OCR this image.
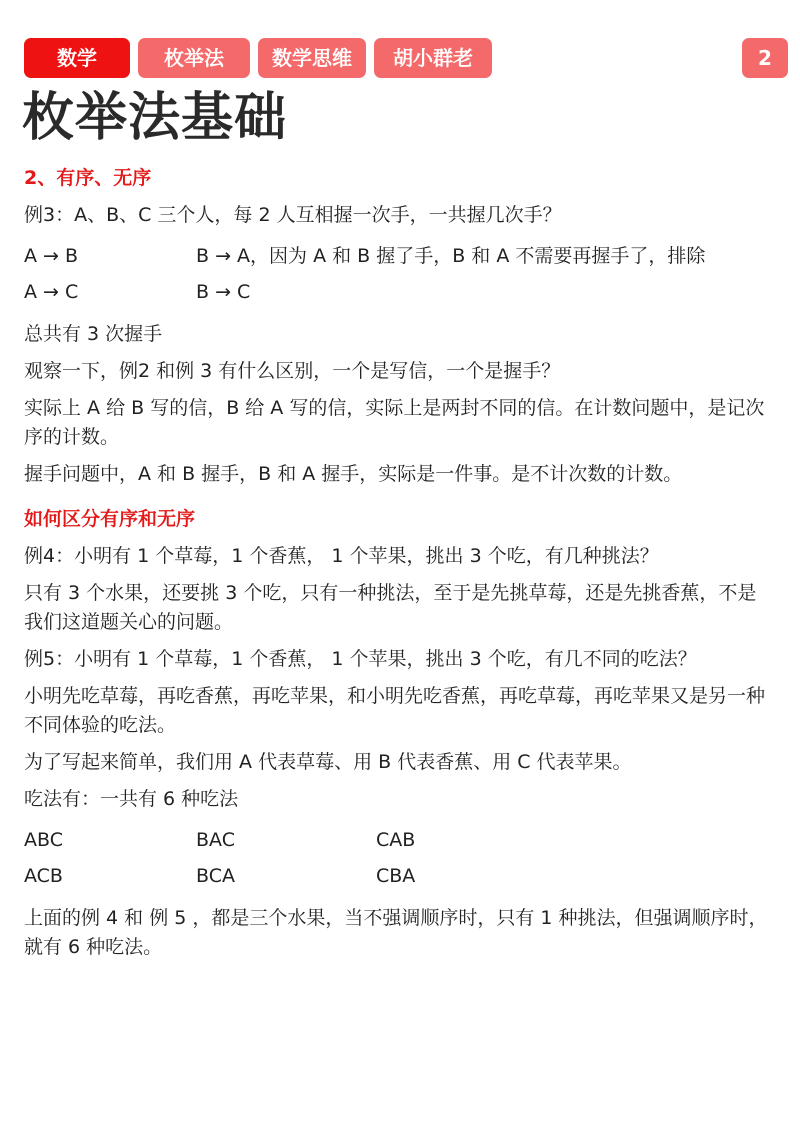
数学	枚举法	数学思维	胡小群老师
2
枚举法基础
2、有序、无序
例3：A、B、C 三个人，每 2 人互相握一次手，一共握几次手？
A → B	B → A，因为 A 和 B 握了手，B 和 A 不需要再握手了，排除
A → C	B → C
总共有 3 次握手
观察一下，例2 和例 3 有什么区别，一个是写信，一个是握手？
实际上 A 给 B 写的信，B 给 A 写的信，实际上是两封不同的信。在计数问题中，是记次序的计数。
握手问题中，A 和 B 握手，B 和 A 握手，实际是一件事。是不计次数的计数。
如何区分有序和无序
例4：小明有 1 个草莓，1 个香蕉， 1 个苹果，挑出 3 个吃，有几种挑法？
只有 3 个水果，还要挑 3 个吃，只有一种挑法，至于是先挑草莓，还是先挑香蕉，不是我们这道题关心的问题。
例5：小明有 1 个草莓，1 个香蕉， 1 个苹果，挑出 3 个吃，有几不同的吃法？
小明先吃草莓，再吃香蕉，再吃苹果，和小明先吃香蕉，再吃草莓，再吃苹果又是另一种不同体验的吃法。
为了写起来简单，我们用 A 代表草莓、用 B 代表香蕉、用 C 代表苹果。
吃法有：一共有 6 种吃法
ABC	BAC	CAB
ACB	BCA	CBA
上面的例 4 和 例 5 ，都是三个水果，当不强调顺序时，只有 1 种挑法，但强调顺序时，就有 6 种吃法。
